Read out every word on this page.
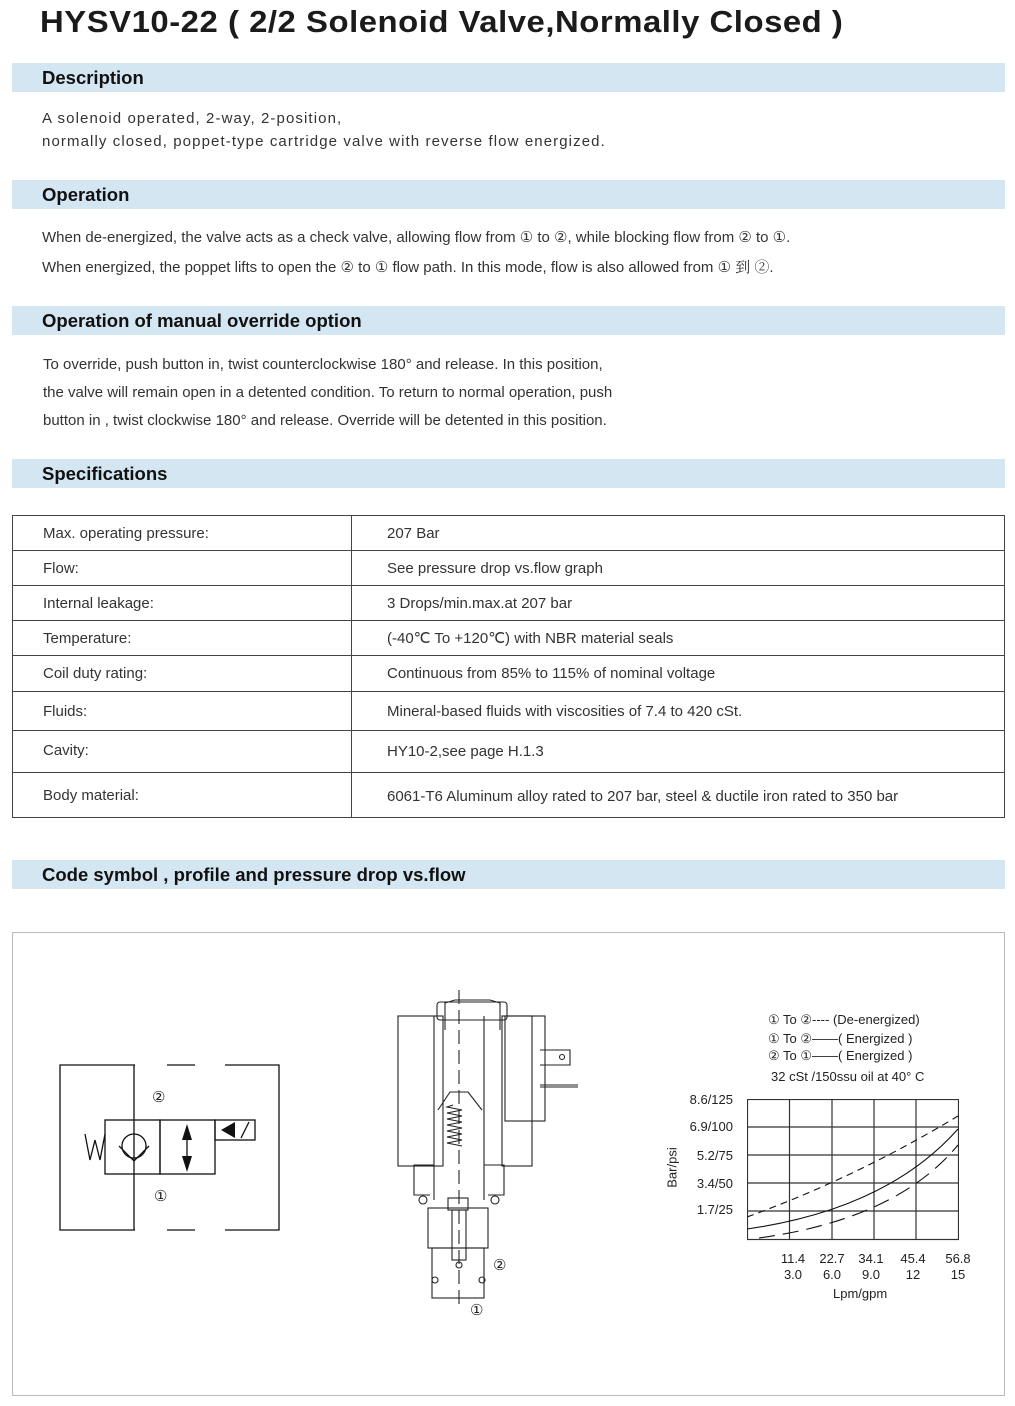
HYSV10-22 ( 2/2 Solenoid Valve,Normally Closed )
Description
A solenoid operated, 2-way, 2-position,
normally closed, poppet-type cartridge valve with reverse flow energized.
Operation
When de-energized, the valve acts as a check valve, allowing flow from ① to ②, while blocking flow from ② to ①.
When energized, the poppet lifts to open the ② to ① flow path. In this mode, flow is also allowed from ① 到 ②.
Operation of manual override option
To override, push button in, twist counterclockwise 180° and release. In this position,
the valve will remain open in a detented condition. To return to normal operation, push
button in , twist clockwise 180° and release. Override will be detented in this position.
Specifications
Max. operating pressure:	207 Bar
Flow:	See pressure drop vs.flow graph
Internal leakage:	3 Drops/min.max.at 207 bar
Temperature:	(-40℃ To +120℃) with NBR material seals
Coil duty rating:	Continuous from 85% to 115% of nominal voltage
Fluids:	Mineral-based fluids with viscosities of 7.4 to 420 cSt.
Cavity:	HY10-2,see page H.1.3
Body material:	6061-T6 Aluminum alloy rated to 207 bar, steel & ductile iron rated to 350 bar
Code symbol , profile and pressure drop vs.flow
②
①
②
①
① To ②---- (De-energized)
① To ②——( Energized )
② To ①——( Energized )
32 cSt /150ssu oil at 40° C
8.6/125
6.9/100
5.2/75
3.4/50
1.7/25
Bar/psi
11.4
3.0
22.7
6.0
34.1
9.0
45.4
12
56.8
15
Lpm/gpm
